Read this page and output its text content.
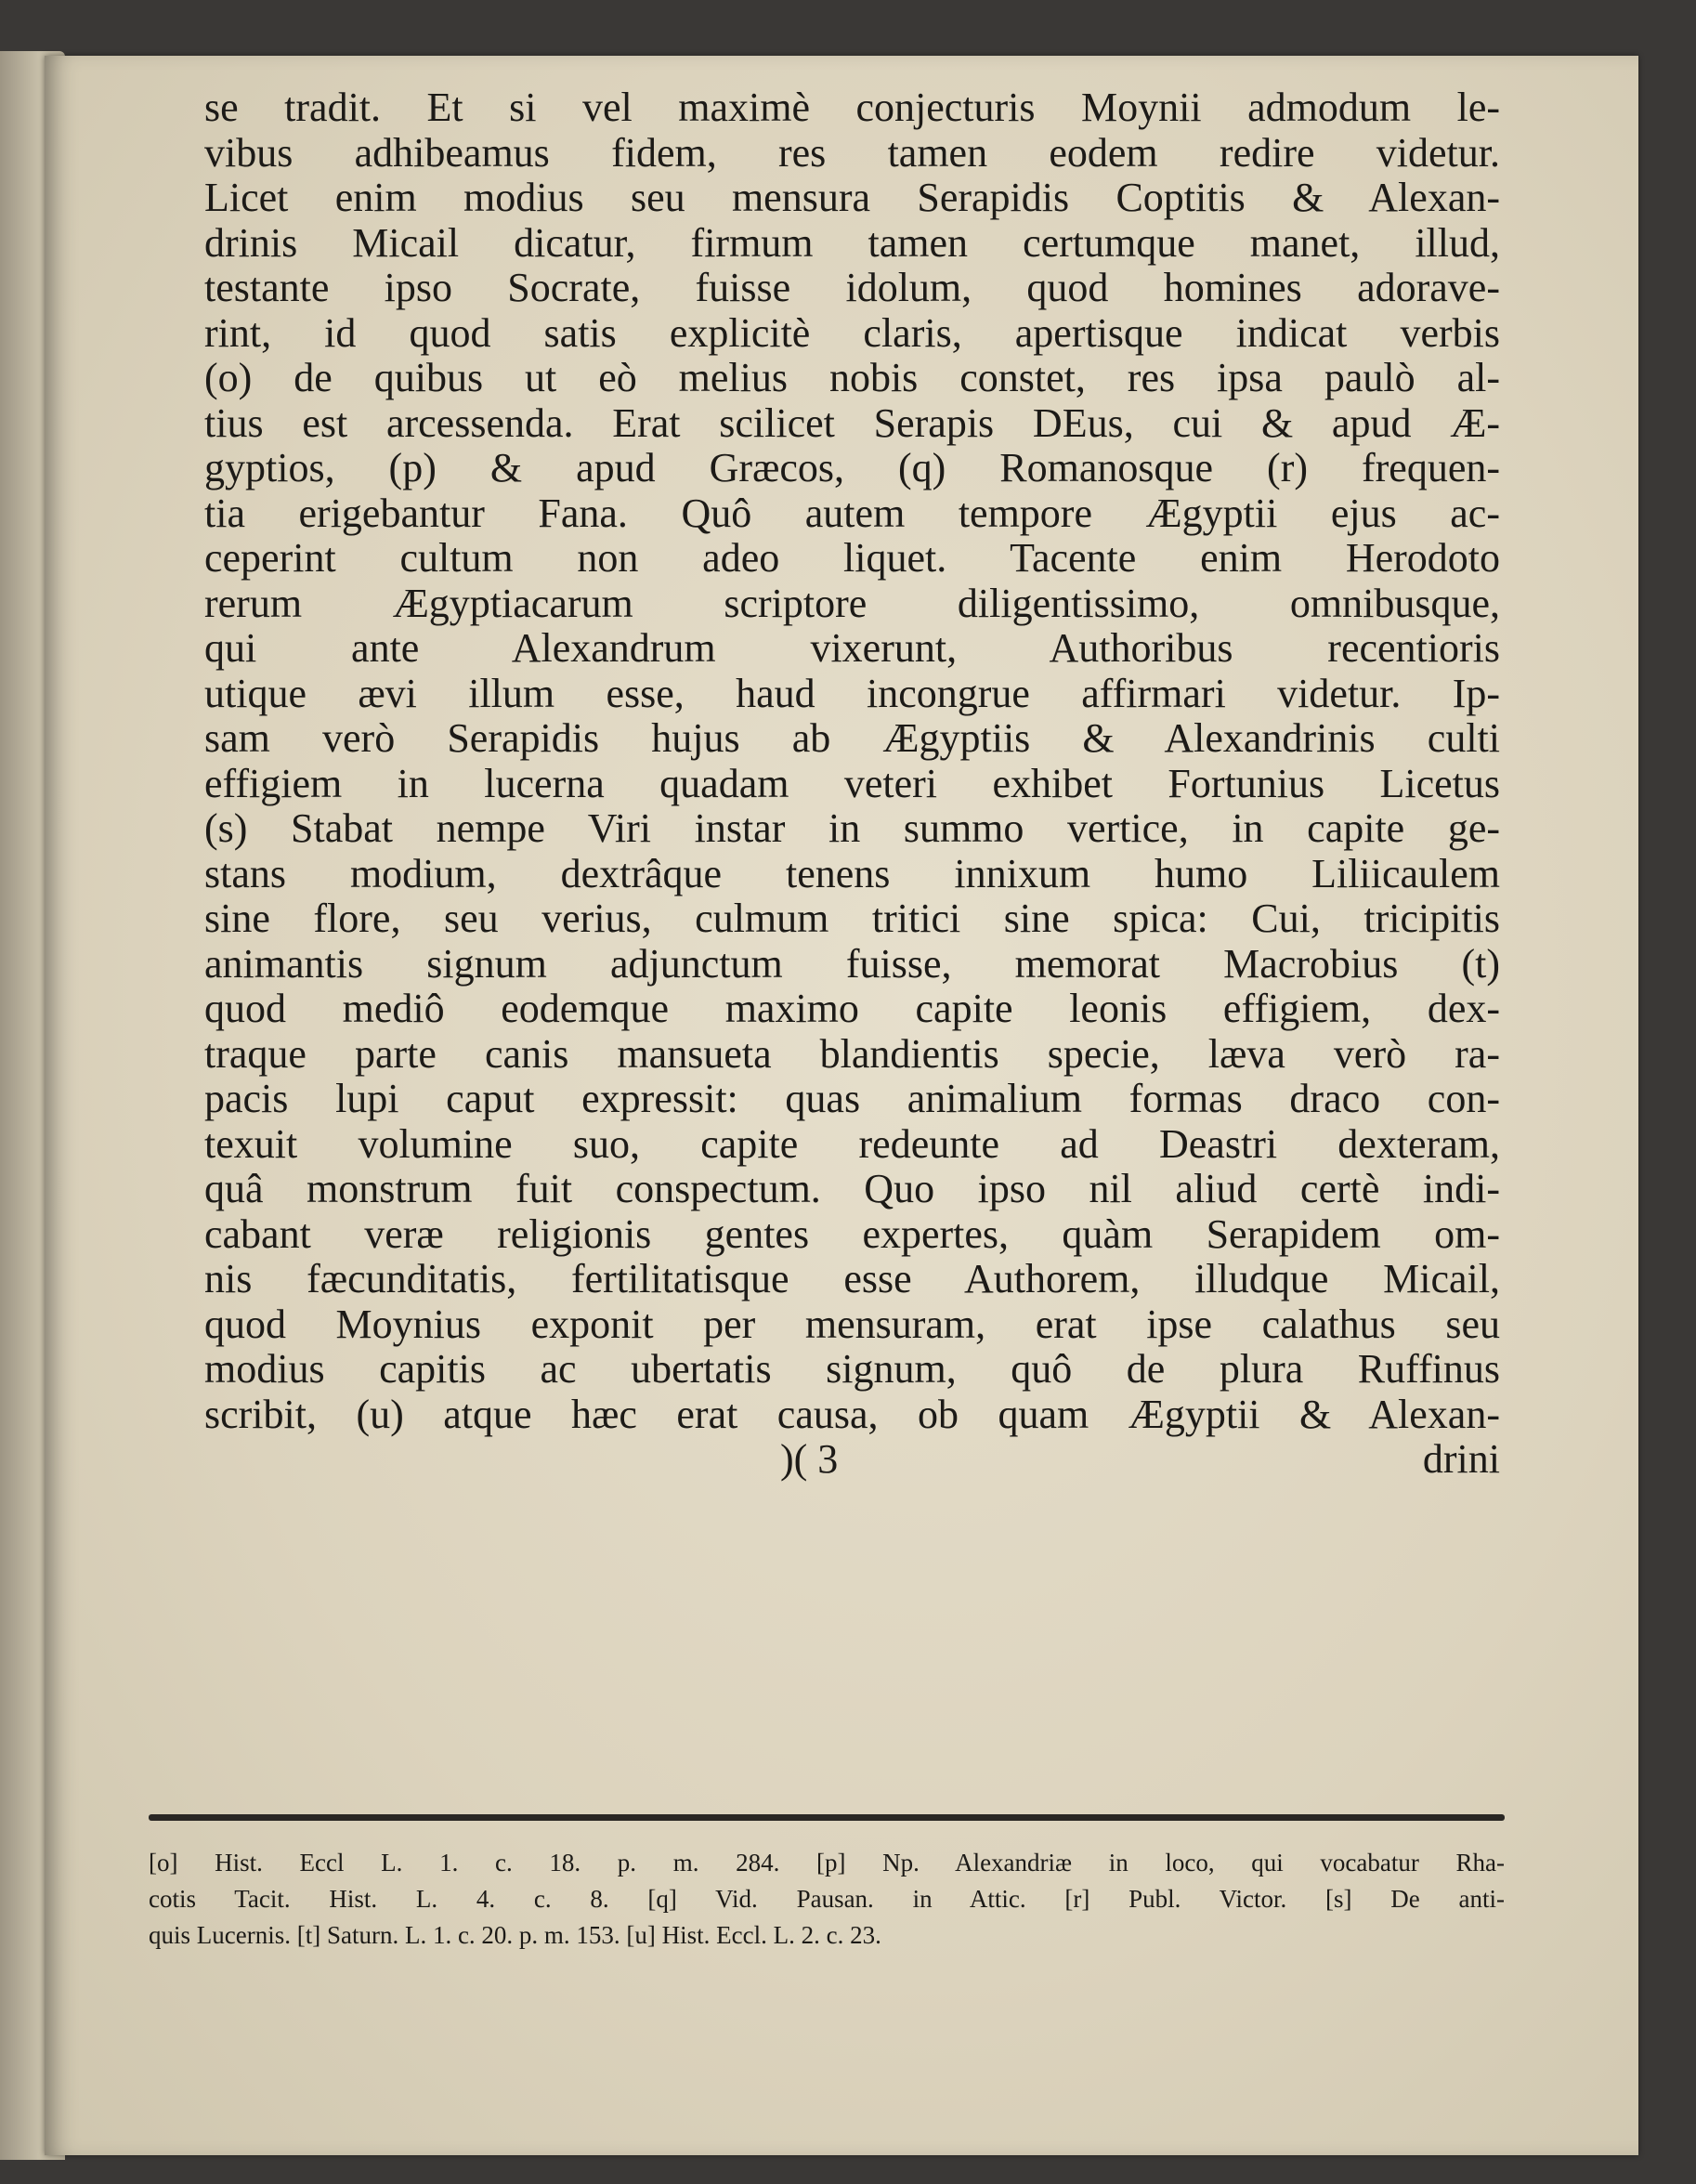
se tradit. Et si vel maximè conjecturis Moynii admodum le-
vibus adhibeamus fidem, res tamen eodem redire videtur.
Licet enim modius seu mensura Serapidis Coptitis & Alexan-
drinis Micail dicatur, firmum tamen certumque manet, illud,
testante ipso Socrate, fuisse idolum, quod homines adorave-
rint, id quod satis explicitè claris, apertisque indicat verbis
(o) de quibus ut eò melius nobis constet, res ipsa paulò al-
tius est arcessenda. Erat scilicet Serapis DEus, cui & apud Æ-
gyptios, (p) & apud Græcos, (q) Romanosque (r) frequen-
tia erigebantur Fana. Quô autem tempore Ægyptii ejus ac-
ceperint cultum non adeo liquet. Tacente enim Herodoto
rerum Ægyptiacarum scriptore diligentissimo, omnibusque,
qui ante Alexandrum vixerunt, Authoribus recentioris
utique ævi illum esse, haud incongrue affirmari videtur. Ip-
sam verò Serapidis hujus ab Ægyptiis & Alexandrinis culti
effigiem in lucerna quadam veteri exhibet Fortunius Licetus
(s) Stabat nempe Viri instar in summo vertice, in capite ge-
stans modium, dextrâque tenens innixum humo Liliicaulem
sine flore, seu verius, culmum tritici sine spica: Cui, tricipitis
animantis signum adjunctum fuisse, memorat Macrobius (t)
quod mediô eodemque maximo capite leonis effigiem, dex-
traque parte canis mansueta blandientis specie, læva verò ra-
pacis lupi caput expressit: quas animalium formas draco con-
texuit volumine suo, capite redeunte ad Deastri dexteram,
quâ monstrum fuit conspectum. Quo ipso nil aliud certè indi-
cabant veræ religionis gentes expertes, quàm Serapidem om-
nis fæcunditatis, fertilitatisque esse Authorem, illudque Micail,
quod Moynius exponit per mensuram, erat ipse calathus seu
modius capitis ac ubertatis signum, quô de plura Ruffinus
scribit, (u) atque hæc erat causa, ob quam Ægyptii & Alexan-
)( 3	drini
[o] Hist. Eccl L. 1. c. 18. p. m. 284. [p] Np. Alexandriæ in loco, qui vocabatur Rha-
cotis Tacit. Hist. L. 4. c. 8. [q] Vid. Pausan. in Attic. [r] Publ. Victor. [s] De anti-
quis Lucernis. [t] Saturn. L. 1. c. 20. p. m. 153. [u] Hist. Eccl. L. 2. c. 23.
